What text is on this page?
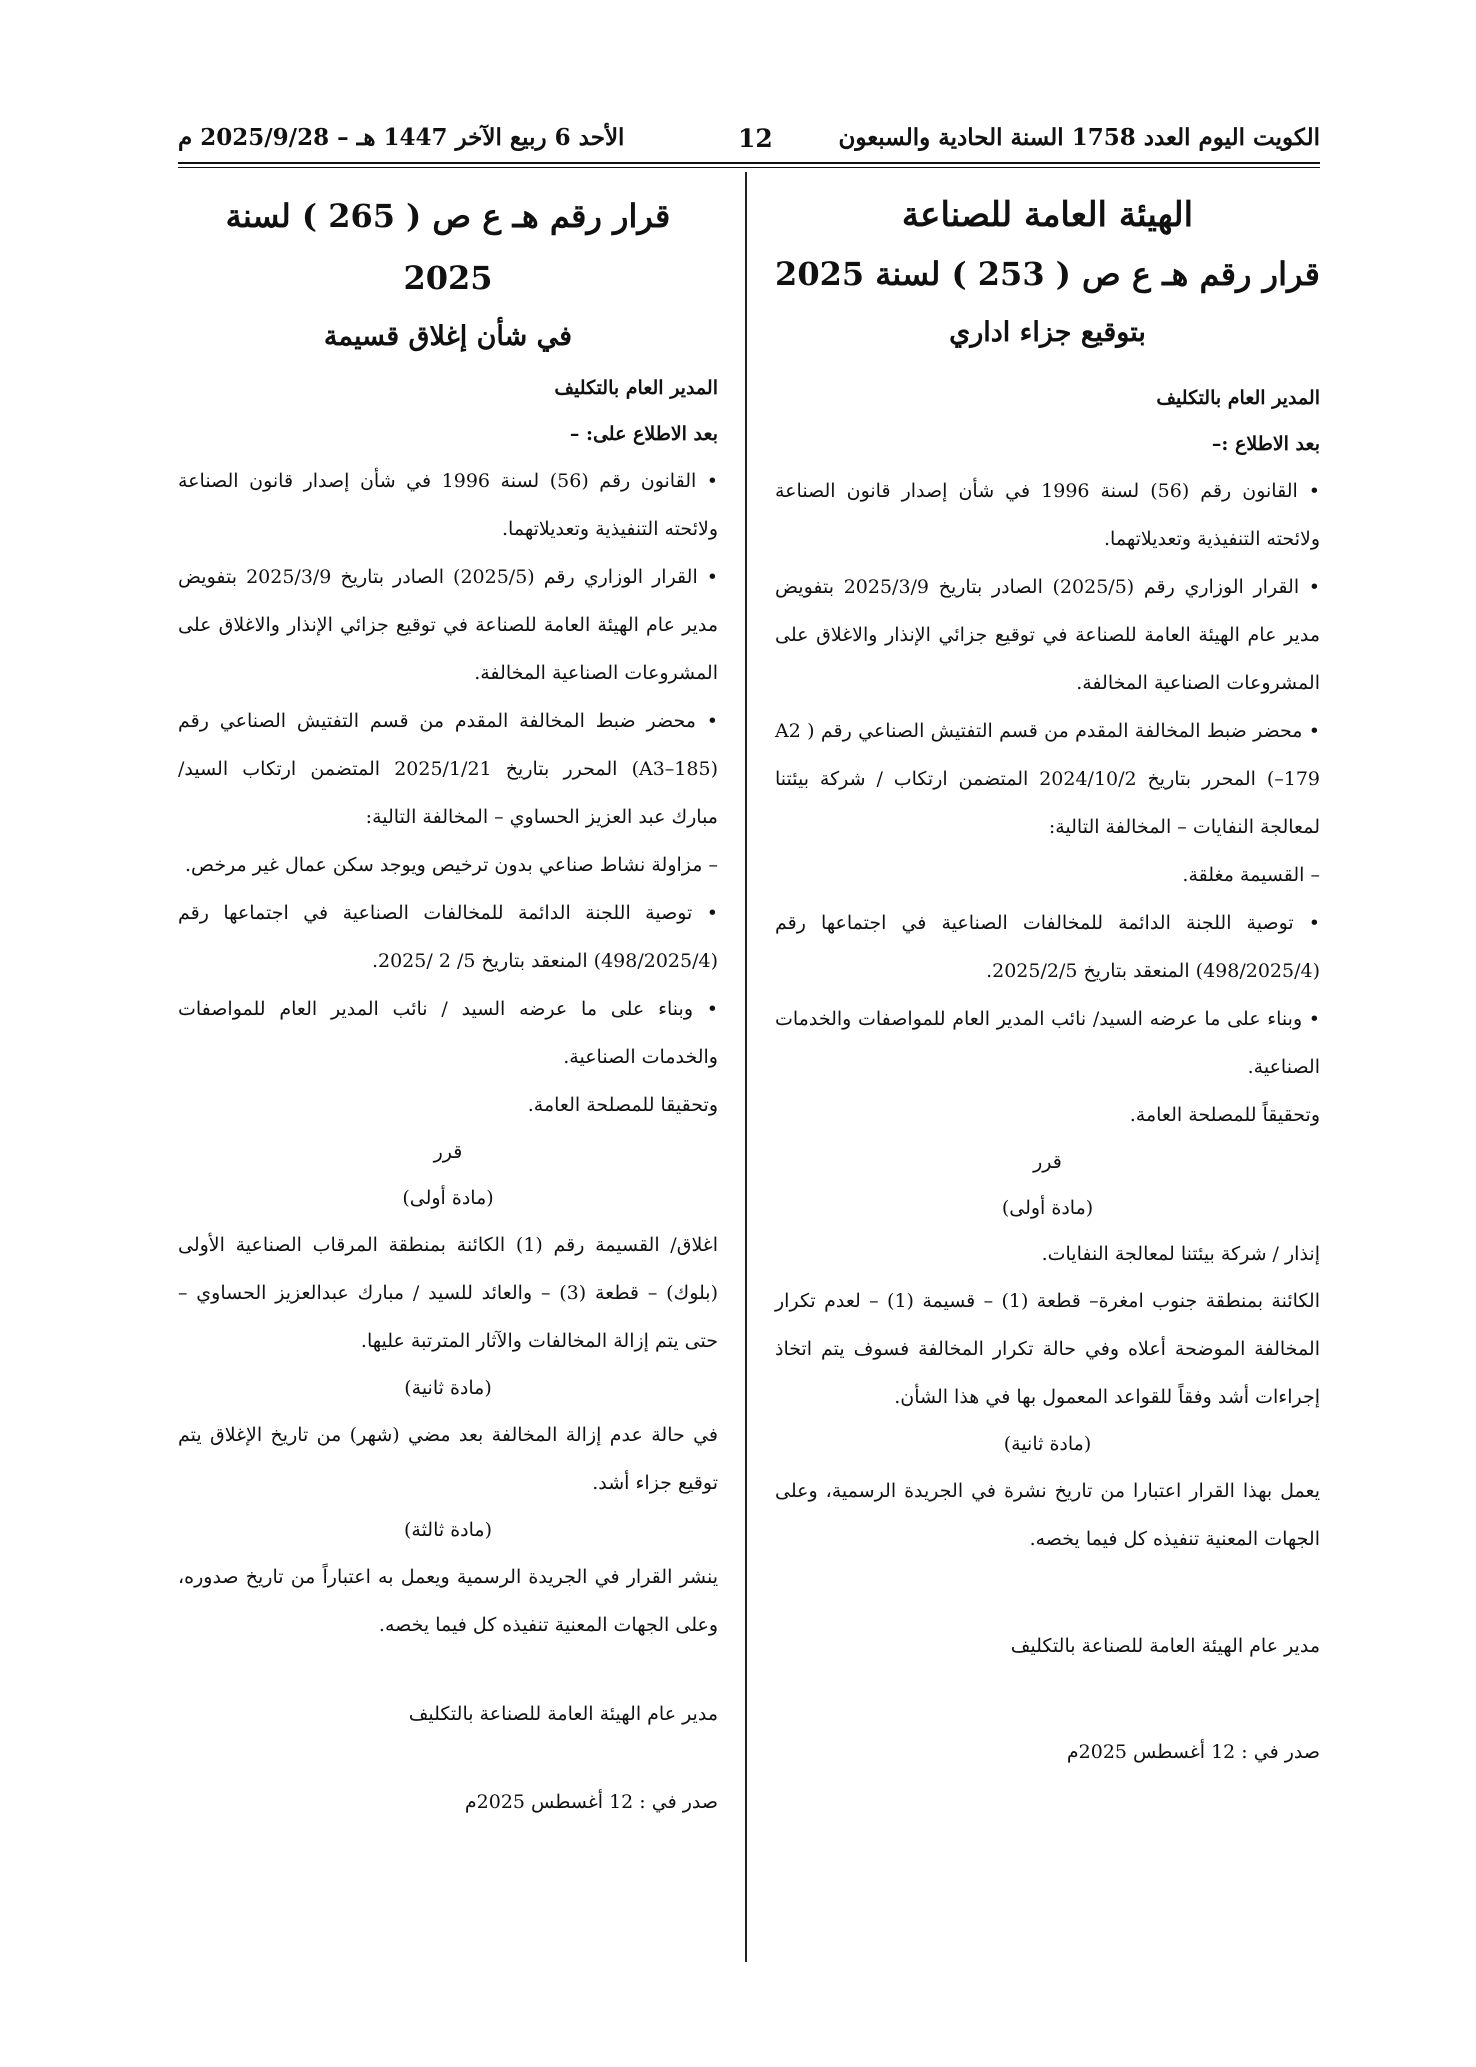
الكويت اليوم العدد 1758 السنة الحادية والسبعون
12
الأحد 6 ربيع الآخر 1447 هـ – 2025/9/28 م

الهيئة العامة للصناعة

قرار رقم هـ ع ص ( 253 ) لسنة 2025

بتوقيع جزاء اداري

المدير العام بالتكليف

بعد الاطلاع :–

• القانون رقم (56) لسنة 1996 في شأن إصدار قانون الصناعة ولائحته التنفيذية وتعديلاتهما.

• القرار الوزاري رقم (2025/5) الصادر بتاريخ 2025/3/9 بتفويض مدير عام الهيئة العامة للصناعة في توقيع جزائي الإنذار والاغلاق على المشروعات الصناعية المخالفة.

• محضر ضبط المخالفة المقدم من قسم التفتيش الصناعي رقم ( A2 –179) المحرر بتاريخ 2024/10/2 المتضمن ارتكاب / شركة بيئتنا لمعالجة النفايات – المخالفة التالية:

– القسيمة مغلقة.

• توصية اللجنة الدائمة للمخالفات الصناعية في اجتماعها رقم (498/2025/4) المنعقد بتاريخ 2025/2/5.

• وبناء على ما عرضه السيد/ نائب المدير العام للمواصفات والخدمات الصناعية.

وتحقيقاً للمصلحة العامة.

قرر

(مادة أولى)

إنذار / شركة بيئتنا لمعالجة النفايات.

الكائنة بمنطقة جنوب امغرة– قطعة (1) – قسيمة (1) – لعدم تكرار المخالفة الموضحة أعلاه وفي حالة تكرار المخالفة فسوف يتم اتخاذ إجراءات أشد وفقاً للقواعد المعمول بها في هذا الشأن.

(مادة ثانية)

يعمل بهذا القرار اعتبارا من تاريخ نشرة في الجريدة الرسمية، وعلى الجهات المعنية تنفيذه كل فيما يخصه.

مدير عام الهيئة العامة للصناعة بالتكليف

صدر في : 12 أغسطس 2025م

قرار رقم هـ ع ص ( 265 ) لسنة 2025

في شأن إغلاق قسيمة

المدير العام بالتكليف

بعد الاطلاع على: –

• القانون رقم (56) لسنة 1996 في شأن إصدار قانون الصناعة ولائحته التنفيذية وتعديلاتهما.

• القرار الوزاري رقم (2025/5) الصادر بتاريخ 2025/3/9 بتفويض مدير عام الهيئة العامة للصناعة في توقيع جزائي الإنذار والاغلاق على المشروعات الصناعية المخالفة.

• محضر ضبط المخالفة المقدم من قسم التفتيش الصناعي رقم (A3–185) المحرر بتاريخ 2025/1/21 المتضمن ارتكاب السيد/ مبارك عبد العزيز الحساوي – المخالفة التالية:

– مزاولة نشاط صناعي بدون ترخيص ويوجد سكن عمال غير مرخص.

• توصية اللجنة الدائمة للمخالفات الصناعية في اجتماعها رقم (498/2025/4) المنعقد بتاريخ 5/ 2 /2025.

• وبناء على ما عرضه السيد / نائب المدير العام للمواصفات والخدمات الصناعية.

وتحقيقا للمصلحة العامة.

قرر

(مادة أولى)

اغلاق/ القسيمة رقم (1) الكائنة بمنطقة المرقاب الصناعية الأولى (بلوك) – قطعة (3) – والعائد للسيد / مبارك عبدالعزيز الحساوي – حتى يتم إزالة المخالفات والآثار المترتبة عليها.

(مادة ثانية)

في حالة عدم إزالة المخالفة بعد مضي (شهر) من تاريخ الإغلاق يتم توقيع جزاء أشد.

(مادة ثالثة)

ينشر القرار في الجريدة الرسمية ويعمل به اعتباراً من تاريخ صدوره، وعلى الجهات المعنية تنفيذه كل فيما يخصه.

مدير عام الهيئة العامة للصناعة بالتكليف

صدر في : 12 أغسطس 2025م
